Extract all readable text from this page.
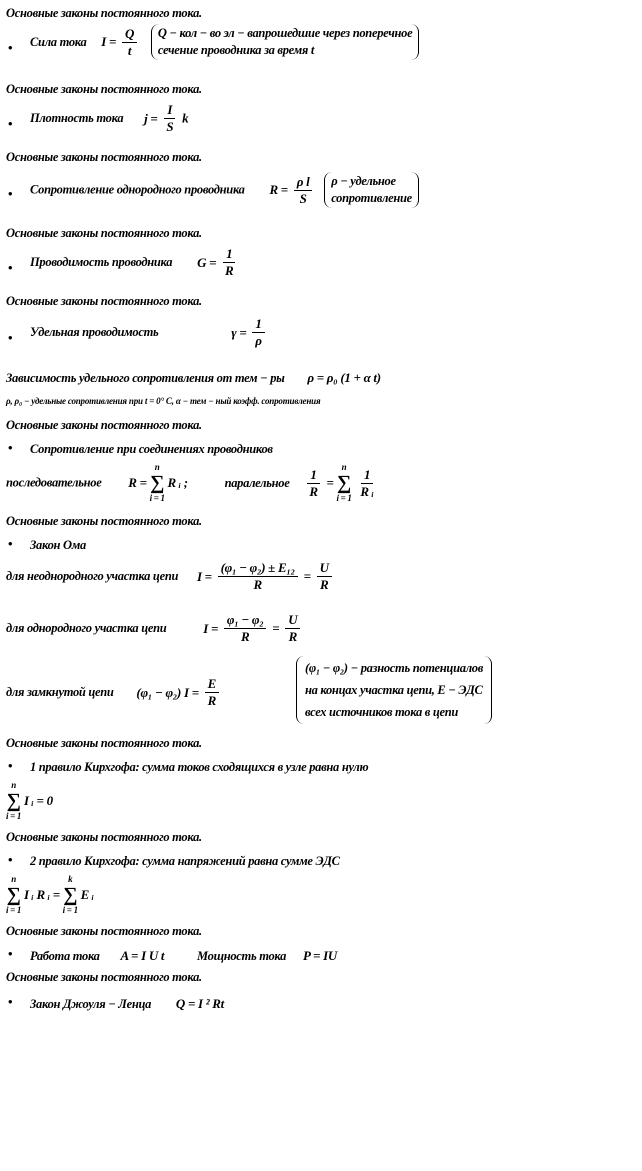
Основные законы постоянного тока.
• Сила тока $I = \frac{Q}{t}$ Q − кол − во эл − вапрошедшие через поперечное
сечение проводника за время t
Основные законы постоянного тока.
• Плотность тока $j = \frac{I}{S}$ k
Основные законы постоянного тока.
• Сопротивление однородного проводника $R = \frac{\text{ρ l}}{S}$ ρ − удельное
сопротивление
Основные законы постоянного тока.
• Проводимость проводника $G = \frac{1}{R}$
Основные законы постоянного тока.
• Удельная проводимость	$\gamma = \frac{1}{\rho}$
Зависимость удельного сопротивления от тем − ры ρ = ρ₀ (1 + α t)
ρ, ρ₀ − удельные сопротивления при t = 0° C, α − тем − ный коэфф. сопротивления
Основные законы постоянного тока.
• Сопротивление при соединениях проводников
последовательное R =
n
∑
i = 1
R ᵢ ;	паралельное $\frac{1}{R}$ =
n
∑
i = 1
$\frac{1}{\text{R ᵢ}}$
Основные законы постоянного тока.
• Закон Ома
для неоднородного участка цепи $I = \frac{\text{(φ₁ − φ₂) ± E₁₂}}{R} = \frac{U}{R}$
для однородного участка цепи	$I = \frac{\text{φ₁ − φ₂}}{R} = \frac{U}{R}$
для замкнутой цепи (φ₁ − φ₂) $I = \frac{E}{R}$
(φ₁ − φ₂) − разность потенциалов
на концах участка цепи, E − ЭДС
всех источников тока в цепи
Основные законы постоянного тока.
• 1 правило Кирхгофа: сумма токов сходящихся в узле равна нулю
n
∑
i = 1
I ᵢ = 0
Основные законы постоянного тока.
• 2 правило Кирхгофа: сумма напряжений равна сумме ЭДС
n
∑
i = 1
I ᵢ R ᵢ =
k
∑
i = 1
E ᵢ
Основные законы постоянного тока.
• Работа тока A = I U t	Мощность тока P = IU
Основные законы постоянного тока.
• Закон Джоуля − Ленца Q = I ² Rt
